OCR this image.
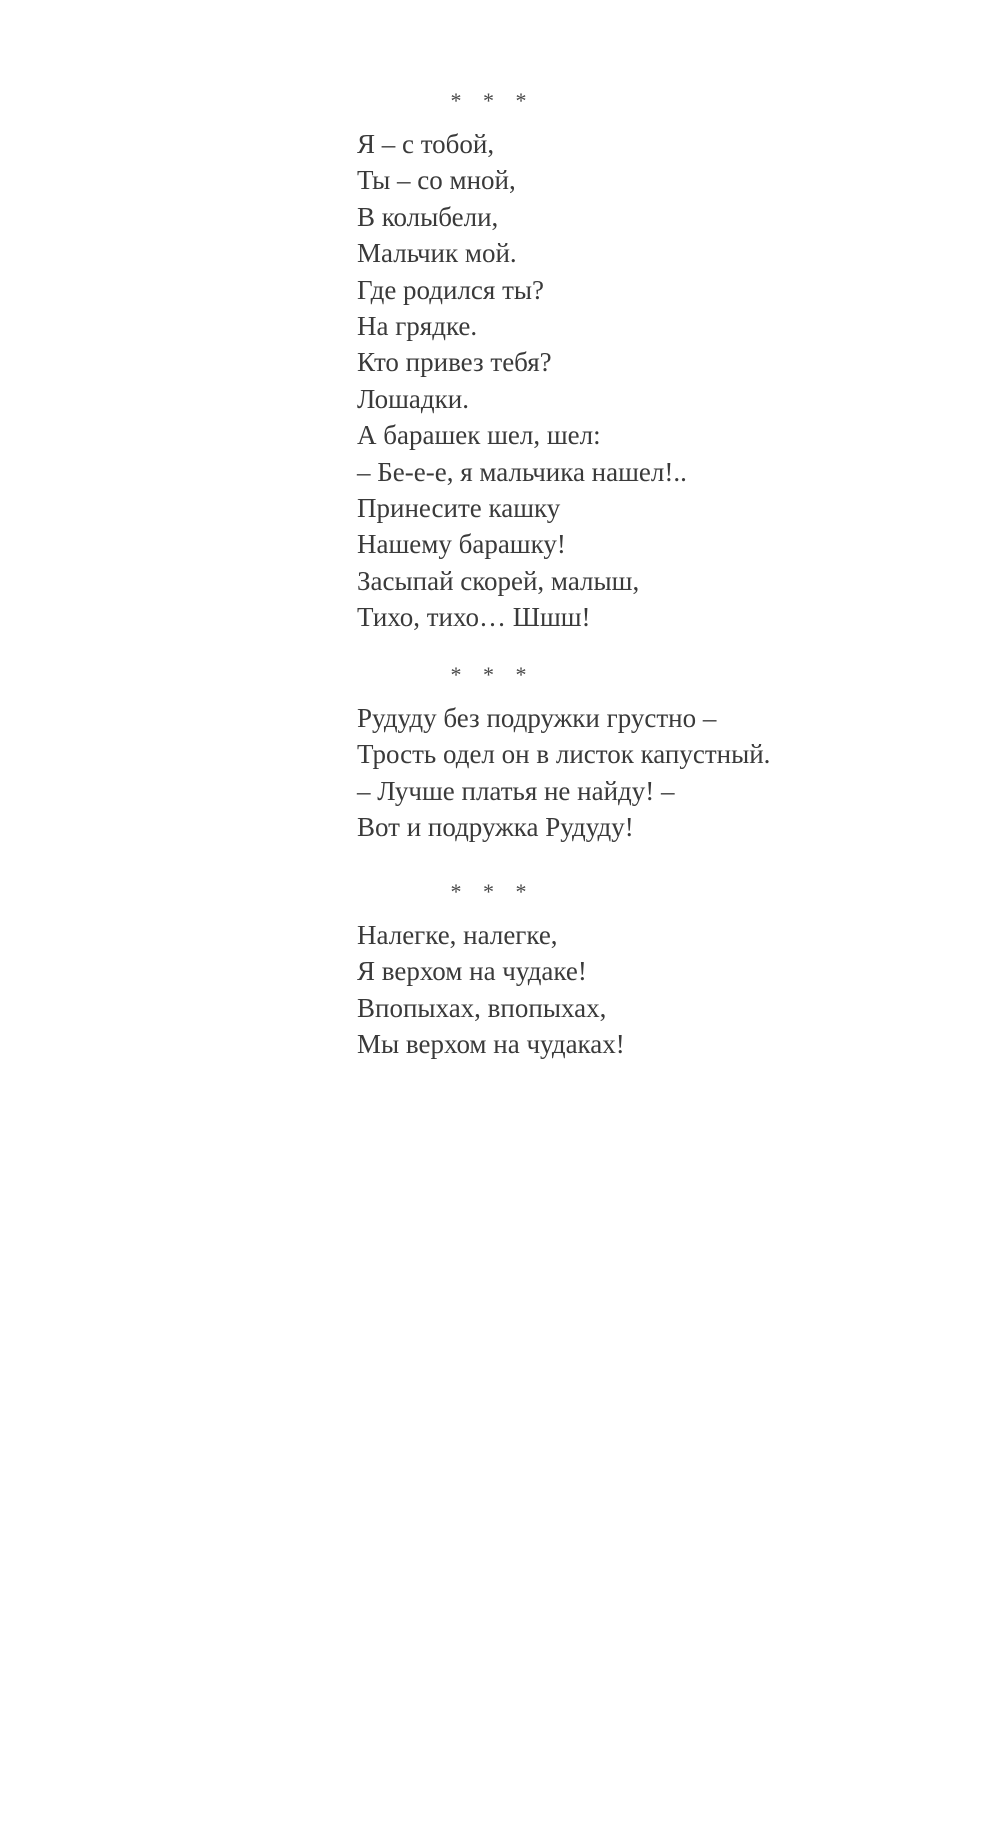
* * *
Я – с тобой,
Ты – со мной,
В колыбели,
Мальчик мой.
Где родился ты?
На грядке.
Кто привез тебя?
Лошадки.
А барашек шел, шел:
– Бе-е-е, я мальчика нашел!..
Принесите кашку
Нашему барашку!
Засыпай скорей, малыш,
Тихо, тихо… Шшш!
* * *
Рудуду без подружки грустно –
Трость одел он в листок капустный.
– Лучше платья не найду! –
Вот и подружка Рудуду!
* * *
Налегке, налегке,
Я верхом на чудаке!
Впопыхах, впопыхах,
Мы верхом на чудаках!
